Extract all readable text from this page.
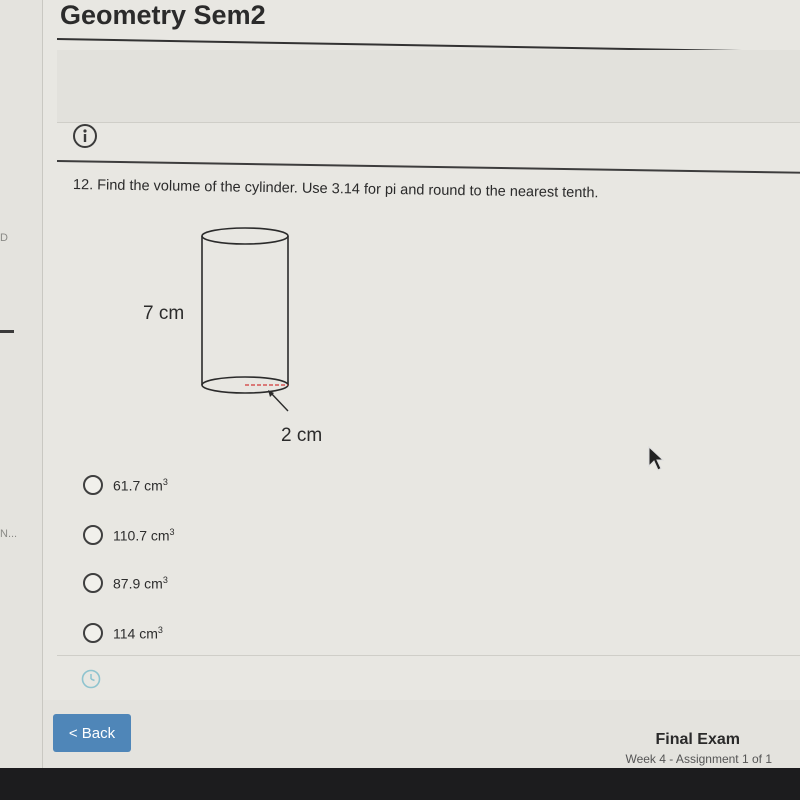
D
N...
Geometry Sem2
12. Find the volume of the cylinder. Use 3.14 for pi and round to the nearest tenth.
7 cm
2 cm
61.7 $cm^3$
110.7 $cm^3$
87.9 $cm^3$
114 $cm^3$
< Back	Final Exam
Week 4 - Assignment 1 of 1
